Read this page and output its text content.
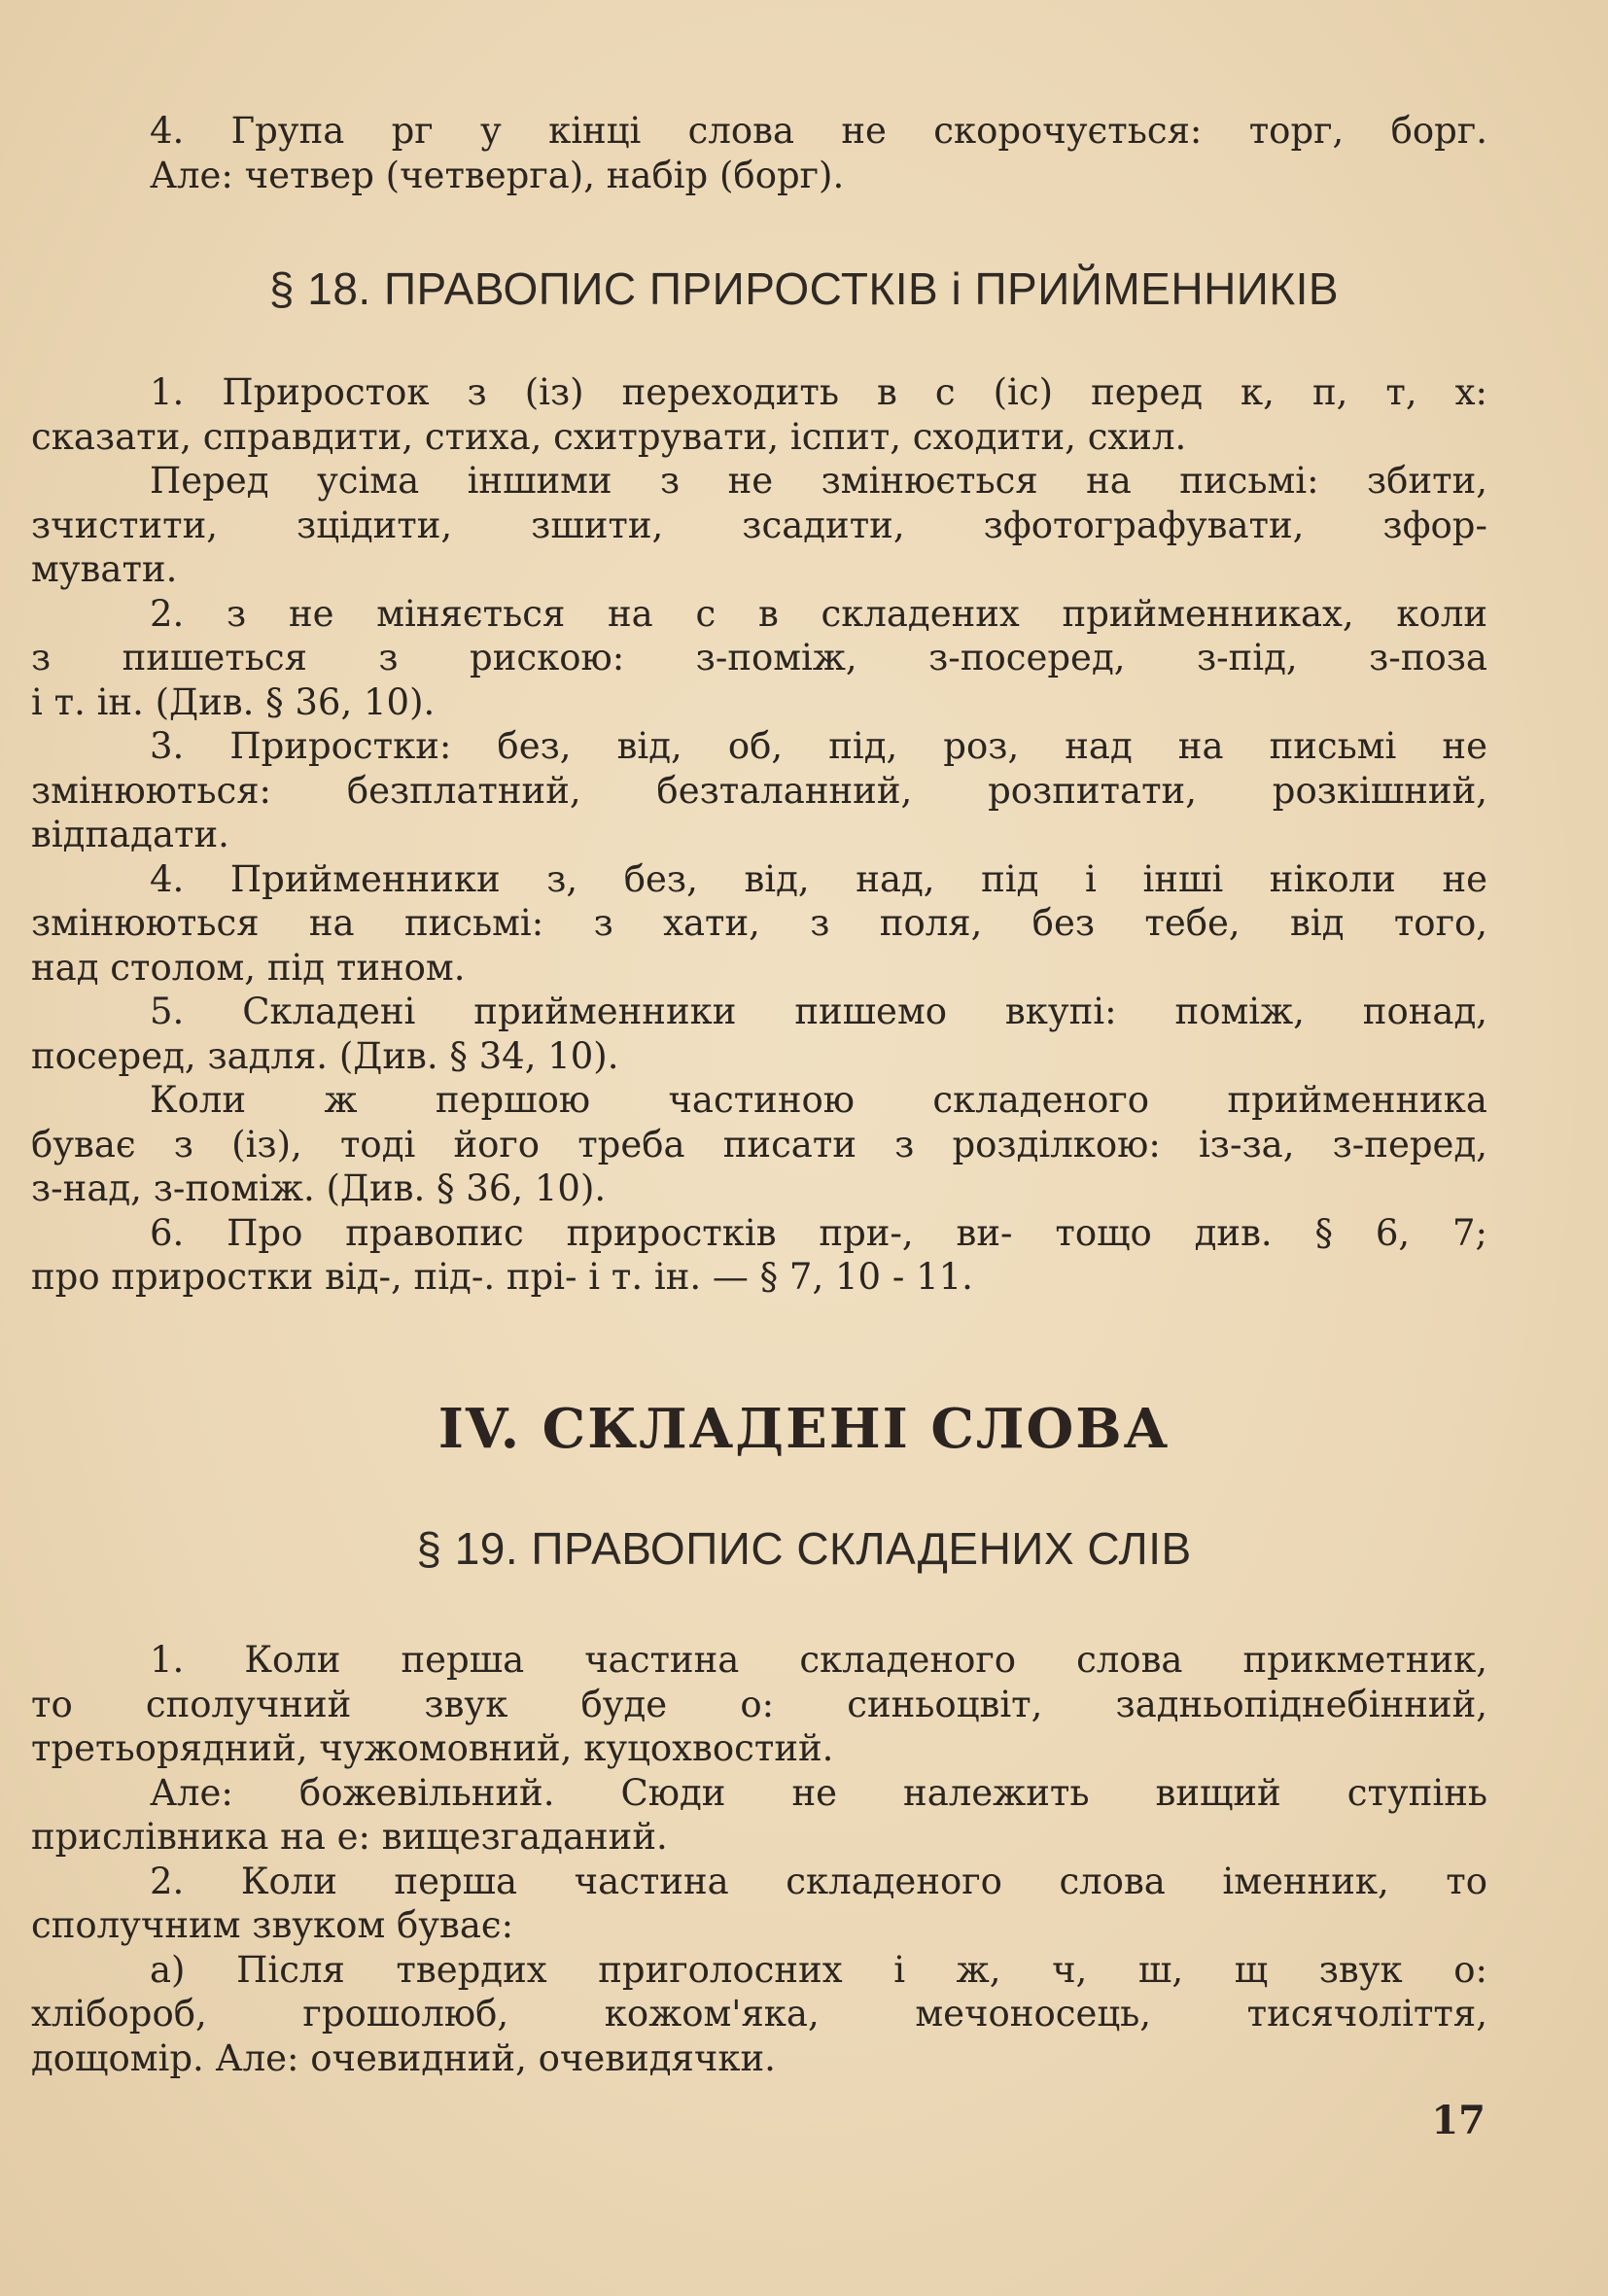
4. Група рг у кінці слова не скорочується: торг, борг.

Але: четвер (четверга), набір (борг).

§ 18. ПРАВОПИС ПРИРОСТКІВ і ПРИЙМЕННИКІВ

1. Приросток з (із) переходить в с (іс) перед к, п, т, х:

сказати, справдити, стиха, схитрувати, іспит, сходити, схил.

Перед усіма іншими з не змінюється на письмі: збити,

зчистити, зцідити, зшити, зсадити, зфотографувати, зфор-

мувати.

2. з не міняється на с в складених прийменниках, коли

з пишеться з рискою: з-поміж, з-посеред, з-під, з-поза

і т. ін. (Див. § 36, 10).

3. Приростки: без, від, об, під, роз, над на письмі не

змінюються: безплатний, безталанний, розпитати, розкішний,

відпадати.

4. Прийменники з, без, від, над, під і інші ніколи не

змінюються на письмі: з хати, з поля, без тебе, від того,

над столом, під тином.

5. Складені прийменники пишемо вкупі: поміж, понад,

посеред, задля. (Див. § 34, 10).

Коли ж першою частиною складеного прийменника

буває з (із), тоді його треба писати з розділкою: із-за, з-перед,

з-над, з-поміж. (Див. § 36, 10).

6. Про правопис приростків при-, ви- тощо див. § 6, 7;

про приростки від-, під-. прі- і т. ін. — § 7, 10 - 11.

IV. СКЛАДЕНІ СЛОВА
§ 19. ПРАВОПИС СКЛАДЕНИХ СЛІВ

1. Коли перша частина складеного слова прикметник,

то сполучний звук буде о: синьоцвіт, задньопіднебінний,

третьорядний, чужомовний, куцохвостий.

Але: божевільний. Сюди не належить вищий ступінь

прислівника на е: вищезгаданий.

2. Коли перша частина складеного слова іменник, то

сполучним звуком буває:

а) Після твердих приголосних і ж, ч, ш, щ звук о:

хлібороб, грошолюб, кожом'яка, мечоносець, тисячоліття,

дощомір. Але: очевидний, очевидячки.

17
